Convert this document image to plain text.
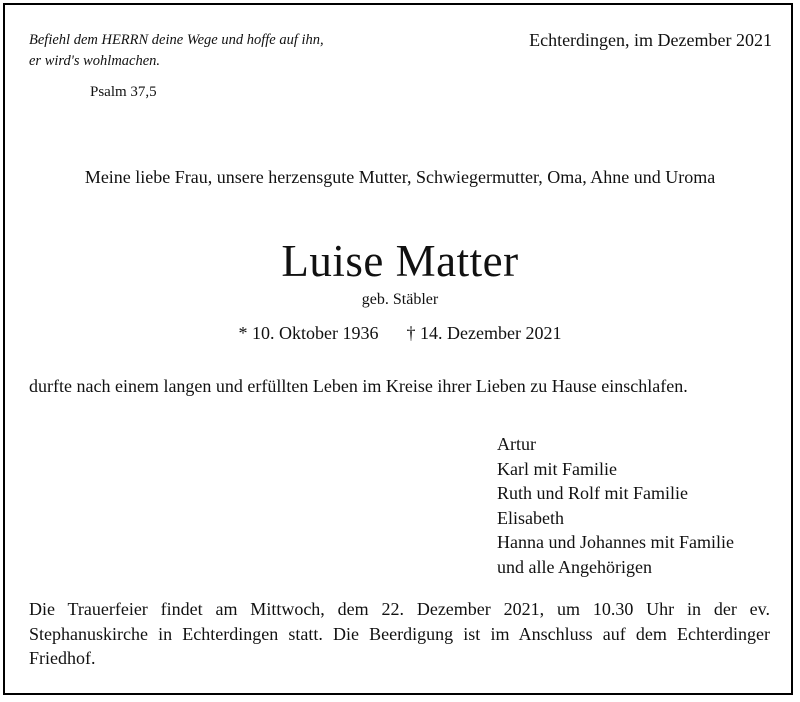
Befiehl dem HERRN deine Wege und hoffe auf ihn,
er wird's wohlmachen.
Psalm 37,5
Echterdingen, im Dezember 2021
Meine liebe Frau, unsere herzensgute Mutter, Schwiegermutter, Oma, Ahne und Uroma
Luise Matter
geb. Stäbler
* 10. Oktober 1936 † 14. Dezember 2021
durfte nach einem langen und erfüllten Leben im Kreise ihrer Lieben zu Hause einschlafen.
Artur
Karl mit Familie
Ruth und Rolf mit Familie
Elisabeth
Hanna und Johannes mit Familie
und alle Angehörigen
Die Trauerfeier findet am Mittwoch, dem 22. Dezember 2021, um 10.30 Uhr in der ev. Stephanuskirche in Echterdingen statt. Die Beerdigung ist im Anschluss auf dem Echterdinger Friedhof.
